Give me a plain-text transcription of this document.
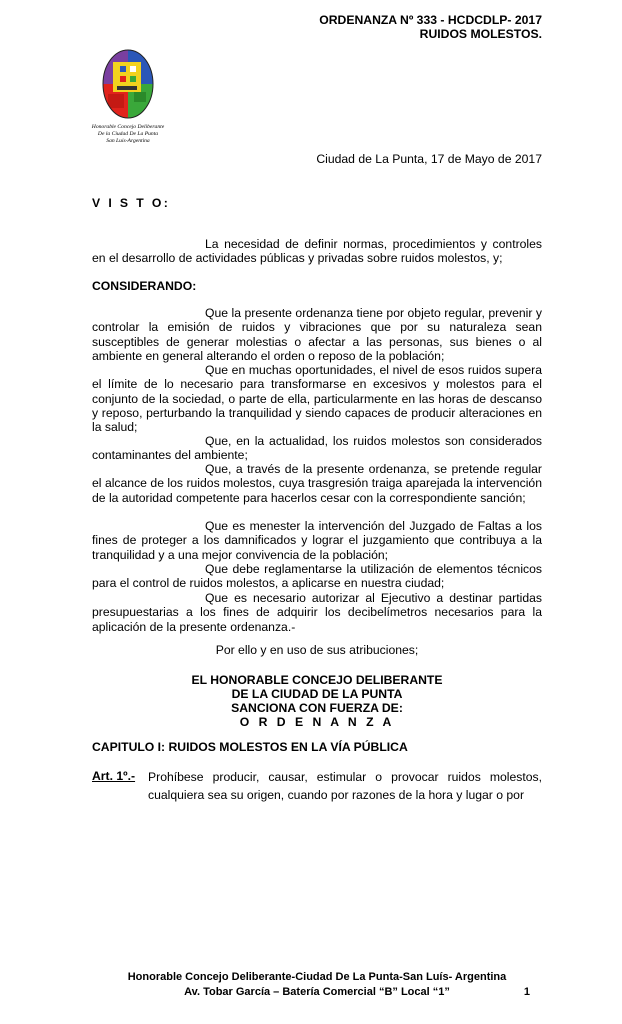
ORDENANZA Nº 333 - HCDCDLP- 2017
RUIDOS MOLESTOS.
Honorable Concejo Deliberante
De la Ciudad De La Punta
San Luis-Argentina
Ciudad de La Punta, 17 de Mayo de 2017
V I S T O:
La necesidad de definir normas, procedimientos y controles en el desarrollo de actividades públicas y privadas sobre ruidos molestos, y;
CONSIDERANDO:
Que la presente ordenanza tiene por objeto regular, prevenir y controlar la emisión de ruidos y vibraciones que por su naturaleza sean susceptibles de generar molestias o afectar a las personas, sus bienes o al ambiente en general alterando el orden o reposo de la población;
Que en muchas oportunidades, el nivel de esos ruidos supera el límite de lo necesario para transformarse en excesivos y molestos para el conjunto de la sociedad, o parte de ella, particularmente en las horas de descanso y reposo, perturbando la tranquilidad y siendo capaces de producir alteraciones en la salud;
Que, en la actualidad, los ruidos molestos son considerados contaminantes del ambiente;
Que, a través de la presente ordenanza, se pretende regular el alcance de los ruidos molestos, cuya trasgresión traiga aparejada la intervención de la autoridad competente para hacerlos cesar con la correspondiente sanción;
Que es menester la intervención del Juzgado de Faltas a los fines de proteger a los damnificados y lograr el juzgamiento que contribuya a la tranquilidad y a una mejor convivencia de la población;
Que debe reglamentarse la utilización de elementos técnicos para el control de ruidos molestos, a aplicarse en nuestra ciudad;
Que es necesario autorizar al Ejecutivo a destinar partidas presupuestarias a los fines de adquirir los decibelímetros necesarios para la aplicación de la presente ordenanza.-
Por ello y en uso de sus atribuciones;
EL HONORABLE CONCEJO DELIBERANTE
DE LA CIUDAD DE LA PUNTA
SANCIONA CON FUERZA DE:
O R D E N A N Z A
CAPITULO I: RUIDOS MOLESTOS EN LA VÍA PÚBLICA
Art. 1º.- Prohíbese producir, causar, estimular o provocar ruidos molestos, cualquiera sea su origen, cuando por razones de la hora y lugar o por
Honorable Concejo Deliberante-Ciudad De La Punta-San Luís- Argentina
Av. Tobar García – Batería Comercial “B” Local “1”	1
